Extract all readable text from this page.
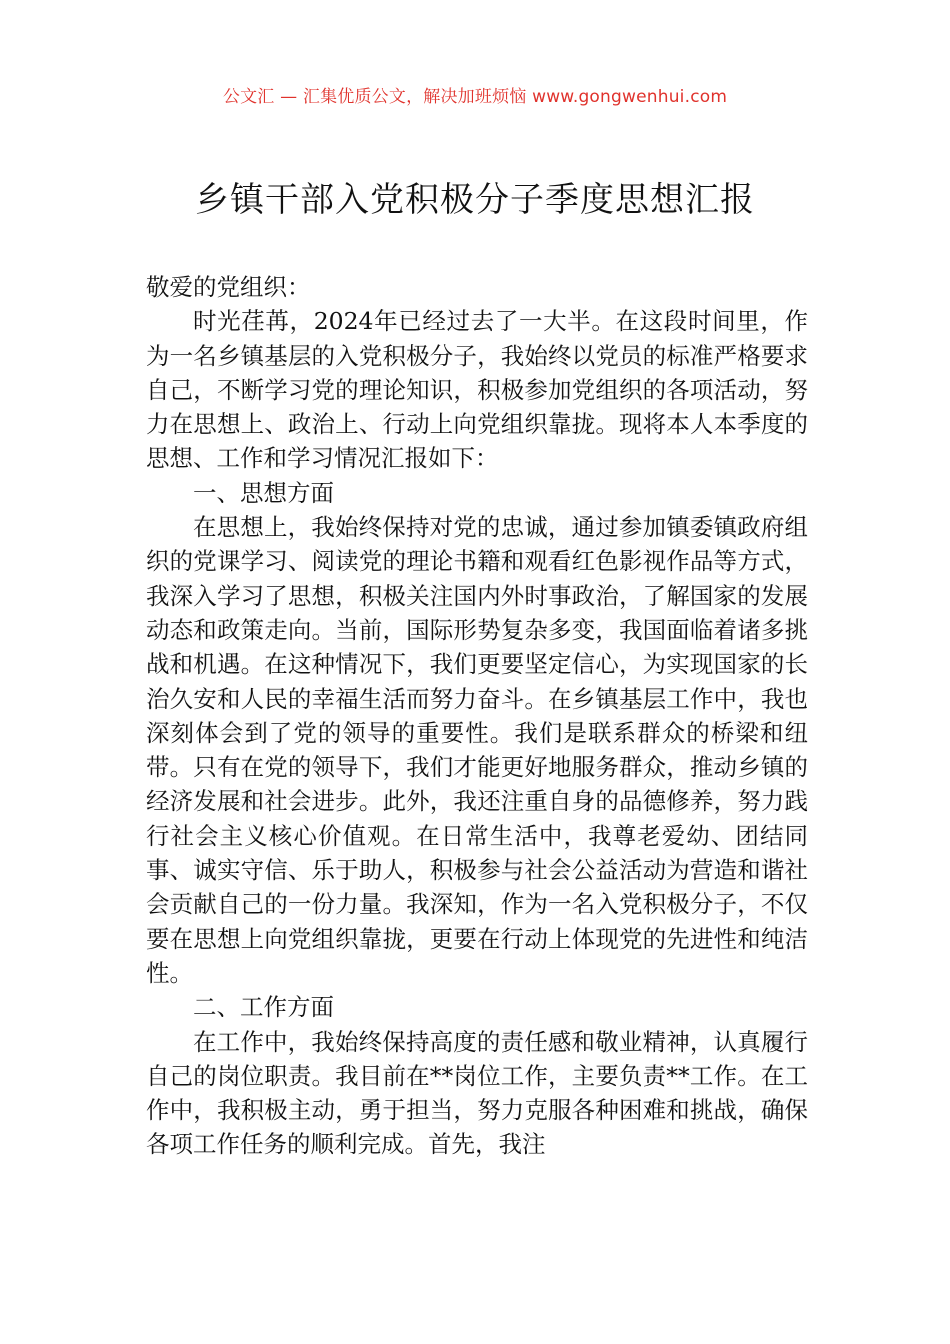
公文汇 — 汇集优质公文，解决加班烦恼 www.gongwenhui.com
乡镇干部入党积极分子季度思想汇报

敬爱的党组织：

时光荏苒，2024年已经过去了一大半。在这段时间里，作为一名乡镇基层的入党积极分子，我始终以党员的标准严格要求自己，不断学习党的理论知识，积极参加党组织的各项活动，努力在思想上、政治上、行动上向党组织靠拢。现将本人本季度的思想、工作和学习情况汇报如下：

一、思想方面

在思想上，我始终保持对党的忠诚，通过参加镇委镇政府组织的党课学习、阅读党的理论书籍和观看红色影视作品等方式，我深入学习了思想，积极关注国内外时事政治，了解国家的发展动态和政策走向。当前，国际形势复杂多变，我国面临着诸多挑战和机遇。在这种情况下，我们更要坚定信心，为实现国家的长治久安和人民的幸福生活而努力奋斗。在乡镇基层工作中，我也深刻体会到了党的领导的重要性。我们是联系群众的桥梁和纽带。只有在党的领导下，我们才能更好地服务群众，推动乡镇的经济发展和社会进步。此外，我还注重自身的品德修养，努力践行社会主义核心价值观。在日常生活中，我尊老爱幼、团结同事、诚实守信、乐于助人，积极参与社会公益活动为营造和谐社会贡献自己的一份力量。我深知，作为一名入党积极分子，不仅要在思想上向党组织靠拢，更要在行动上体现党的先进性和纯洁性。

二、工作方面

在工作中，我始终保持高度的责任感和敬业精神，认真履行自己的岗位职责。我目前在**岗位工作，主要负责**工作。在工作中，我积极主动，勇于担当，努力克服各种困难和挑战，确保各项工作任务的顺利完成。首先，我注
